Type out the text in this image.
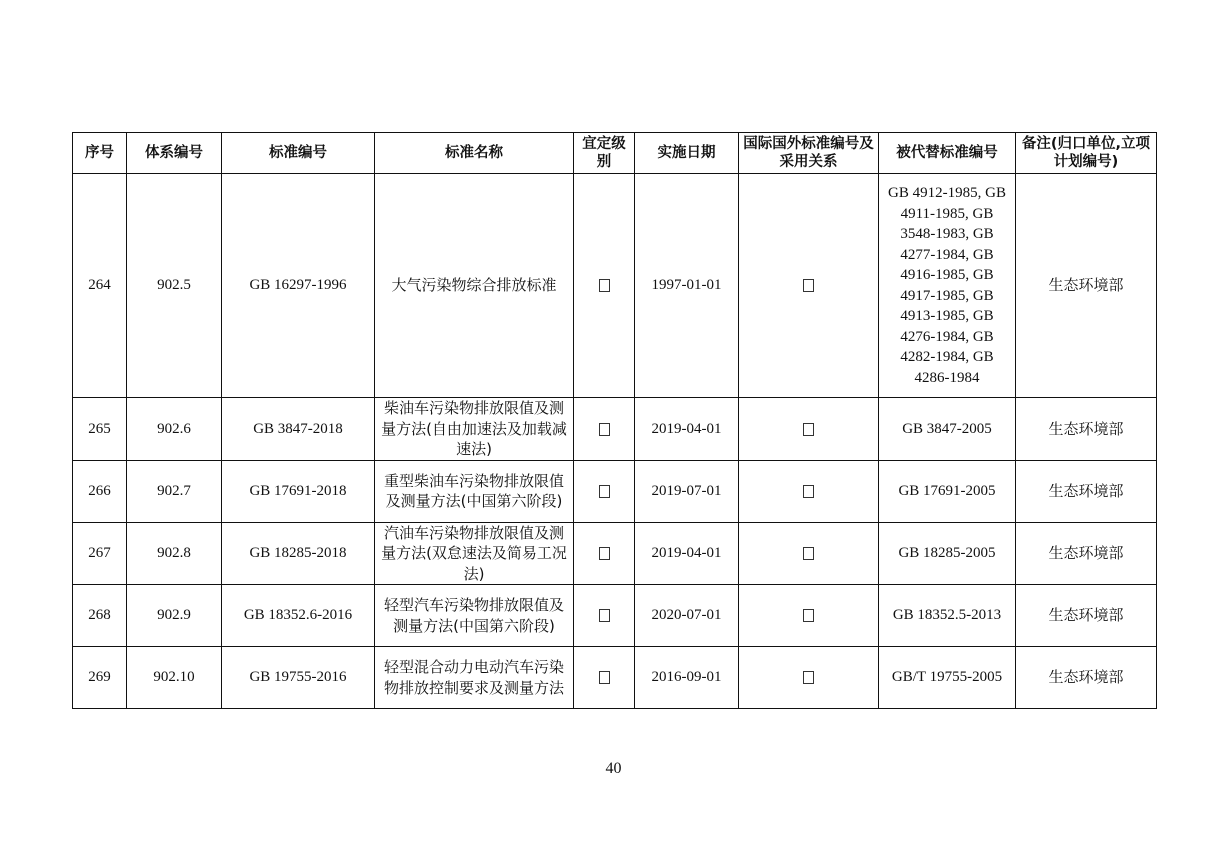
序号	体系编号	标准编号	标准名称	宜定级别	实施日期	国际国外标准编号及采用关系	被代替标准编号	备注(归口单位,立项计划编号)
264	902.5	GB 16297-1996	大气污染物综合排放标准		1997-01-01		GB 4912-1985, GB 4911-1985, GB 3548-1983, GB 4277-1984, GB 4916-1985, GB 4917-1985, GB 4913-1985, GB 4276-1984, GB 4282-1984, GB 4286-1984	生态环境部
265	902.6	GB 3847-2018	柴油车污染物排放限值及测量方法(自由加速法及加载减速法)		2019-04-01		GB 3847-2005	生态环境部
266	902.7	GB 17691-2018	重型柴油车污染物排放限值及测量方法(中国第六阶段)		2019-07-01		GB 17691-2005	生态环境部
267	902.8	GB 18285-2018	汽油车污染物排放限值及测量方法(双怠速法及简易工况法)		2019-04-01		GB 18285-2005	生态环境部
268	902.9	GB 18352.6-2016	轻型汽车污染物排放限值及测量方法(中国第六阶段)		2020-07-01		GB 18352.5-2013	生态环境部
269	902.10	GB 19755-2016	轻型混合动力电动汽车污染物排放控制要求及测量方法		2016-09-01		GB/T 19755-2005	生态环境部
40
